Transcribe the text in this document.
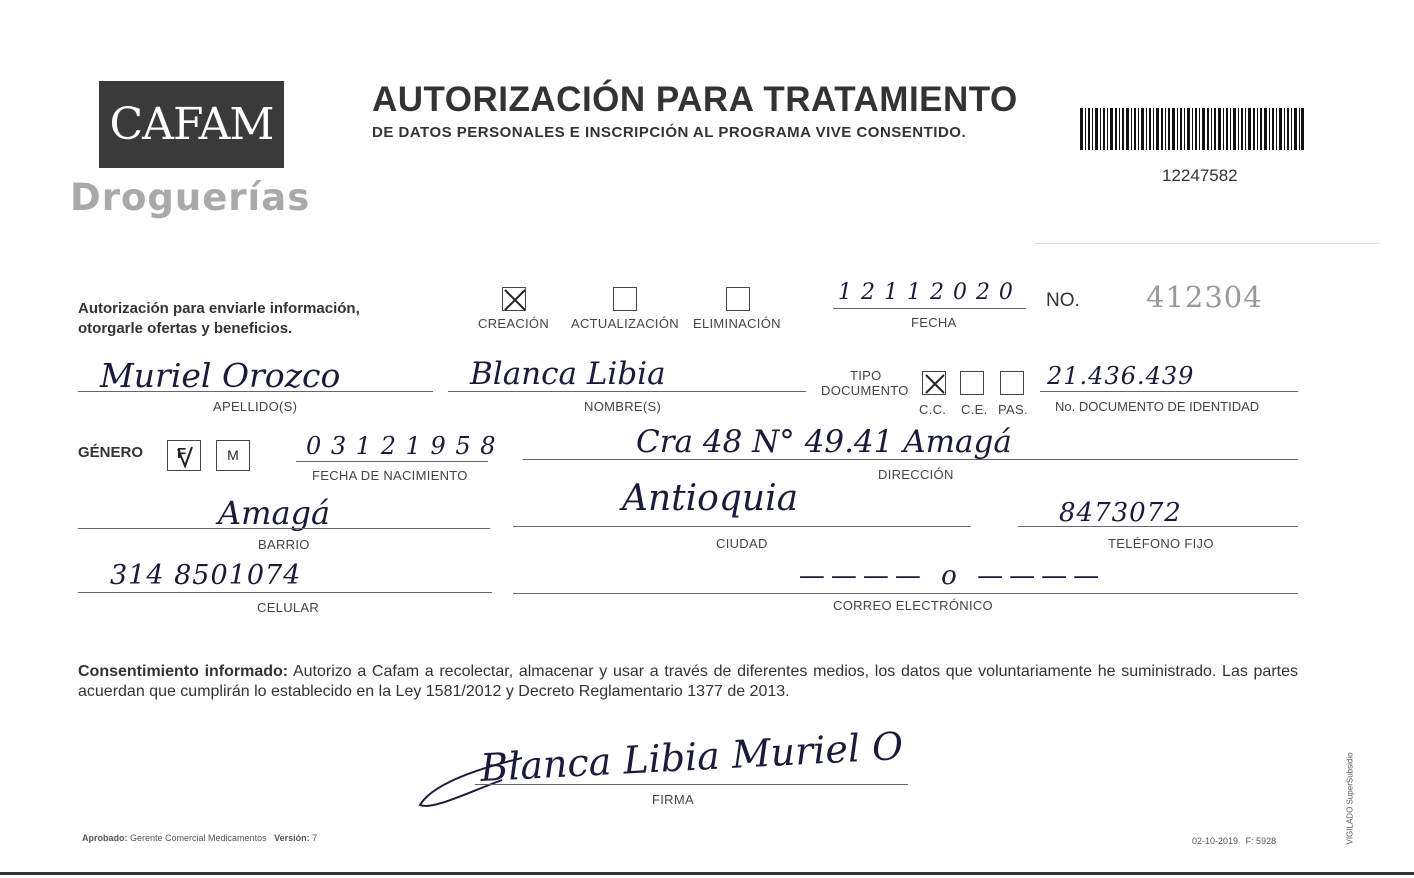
CAFAM
Droguerías
AUTORIZACIÓN PARA TRATAMIENTO
DE DATOS PERSONALES E INSCRIPCIÓN AL PROGRAMA VIVE CONSENTIDO.
12247582
Autorización para enviarle información,
otorgarle ofertas y beneficios.	CREACIÓN ACTUALIZACIÓN ELIMINACIÓN
1 2 1 1 2 0 2 0
FECHA
NO. 412304
Muriel Orozco
APELLIDO(S)
Blanca Libia
NOMBRE(S)
TIPO
DOCUMENTO
C.C. C.E. PAS.
21.436.439
No. DOCUMENTO DE IDENTIDAD
GÉNERO F	M	0 3 1 2 1 9 5 8
FECHA DE NACIMIENTO
Cra 48 N° 49.41 Amagá
DIRECCIÓN
Amagá
BARRIO
Antioquia
CIUDAD
8473072
TELÉFONO FIJO
314 8501074
CELULAR
———— o ————
CORREO ELECTRÓNICO
Consentimiento informado: Autorizo a Cafam a recolectar, almacenar y usar a través de diferentes medios, los datos que voluntariamente he suministrado. Las partes acuerdan que cumplirán lo establecido en la Ley 1581/2012 y Decreto Reglamentario 1377 de 2013.
Blanca Libia Muriel O
FIRMA
Aprobado: Gerente Comercial Medicamentos Versión: 7	02-10-2019 F: 5928	VIGILADO SuperSubsidio
